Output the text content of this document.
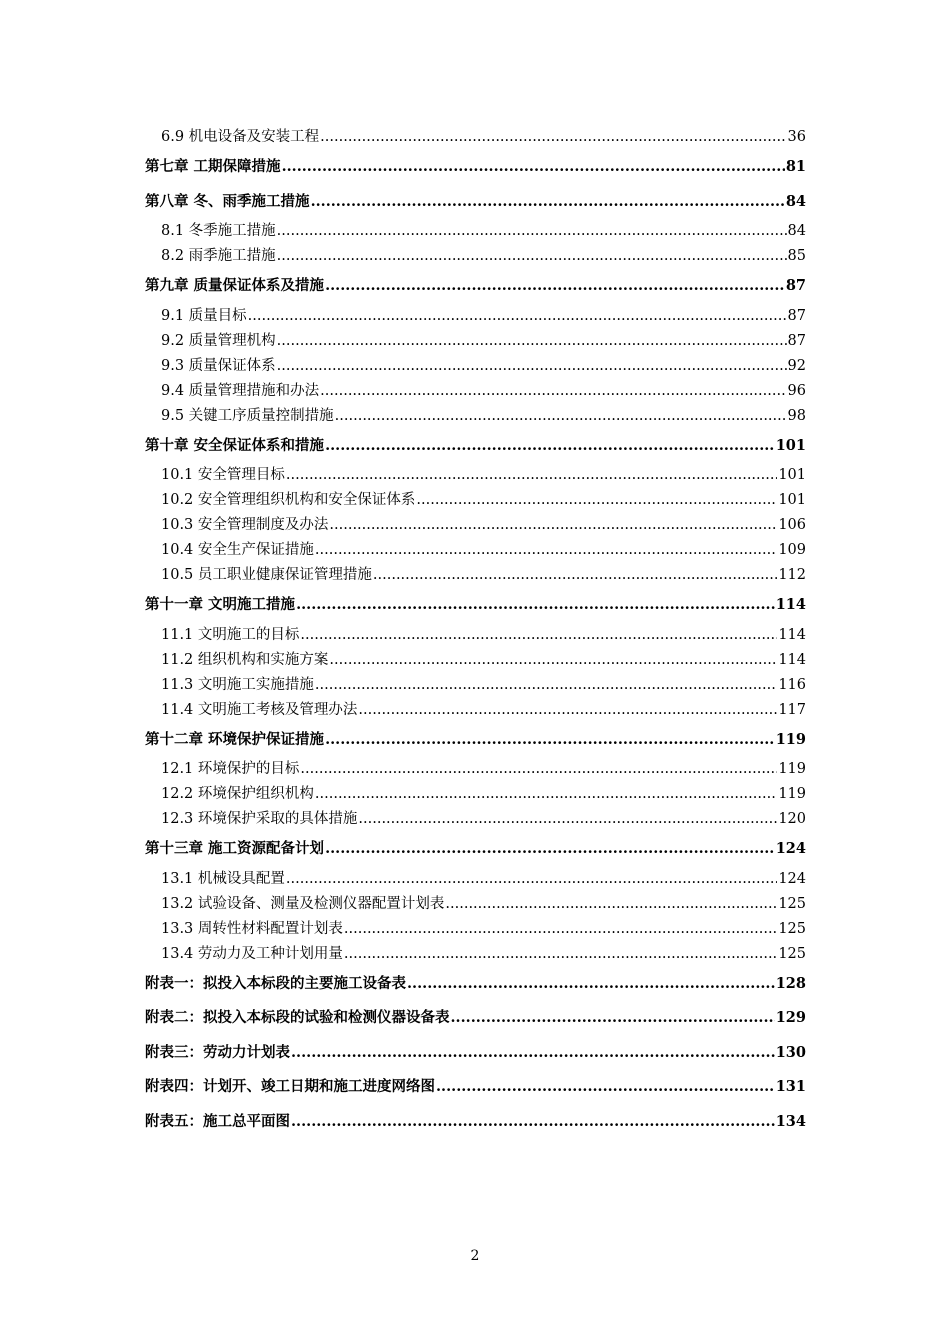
6.9 机电设备及安装工程 .....	36
第七章 工期保障措施 .....	81
第八章 冬、雨季施工措施 .....	84
8.1 冬季施工措施 .....	84
8.2 雨季施工措施 .....	85
第九章 质量保证体系及措施 .....	87
9.1 质量目标 .....	87
9.2 质量管理机构 .....	87
9.3 质量保证体系 .....	92
9.4 质量管理措施和办法 .....	96
9.5 关键工序质量控制措施 .....	98
第十章 安全保证体系和措施 .....	101
10.1 安全管理目标 .....	101
10.2 安全管理组织机构和安全保证体系 .....	101
10.3 安全管理制度及办法 .....	106
10.4 安全生产保证措施 .....	109
10.5 员工职业健康保证管理措施 .....	112
第十一章 文明施工措施 .....	114
11.1 文明施工的目标 .....	114
11.2 组织机构和实施方案 .....	114
11.3 文明施工实施措施 .....	116
11.4 文明施工考核及管理办法 .....	117
第十二章 环境保护保证措施 .....	119
12.1 环境保护的目标 .....	119
12.2 环境保护组织机构 .....	119
12.3 环境保护采取的具体措施 .....	120
第十三章 施工资源配备计划 .....	124
13.1 机械设具配置 .....	124
13.2 试验设备、测量及检测仪器配置计划表 .....	125
13.3 周转性材料配置计划表 .....	125
13.4 劳动力及工种计划用量 .....	125
附表一：拟投入本标段的主要施工设备表 .....	128
附表二：拟投入本标段的试验和检测仪器设备表 .....	129
附表三：劳动力计划表 .....	130
附表四：计划开、竣工日期和施工进度网络图 .....	131
附表五：施工总平面图 .....	134
2
